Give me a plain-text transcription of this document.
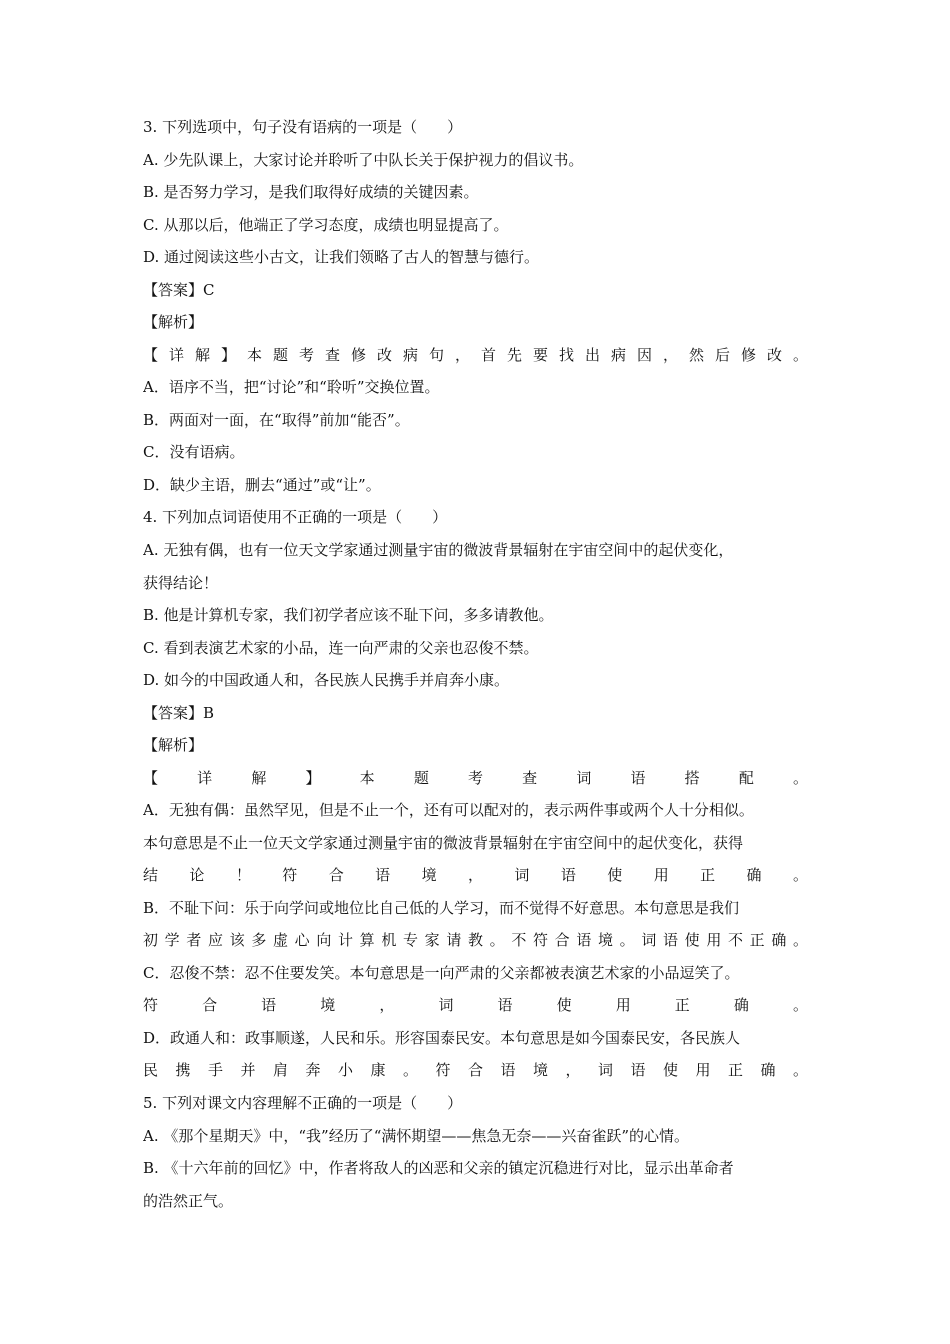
3. 下列选项中，句子没有语病的一项是（　　）
A. 少先队课上，大家讨论并聆听了中队长关于保护视力的倡议书。
B. 是否努力学习，是我们取得好成绩的关键因素。
C. 从那以后，他端正了学习态度，成绩也明显提高了。
D. 通过阅读这些小古文，让我们领略了古人的智慧与德行。
【答案】C
【解析】
【详解】本题考查修改病句，首先要找出病因，然后修改。
A．语序不当，把“讨论”和“聆听”交换位置。
B．两面对一面，在“取得”前加“能否”。
C．没有语病。
D．缺少主语，删去“通过”或“让”。
4. 下列加点词语使用不正确的一项是（　　）
A. 无独有偶，也有一位天文学家通过测量宇宙的微波背景辐射在宇宙空间中的起伏变化，
获得结论！
B. 他是计算机专家，我们初学者应该不耻下问，多多请教他。
C. 看到表演艺术家的小品，连一向严肃的父亲也忍俊不禁。
D. 如今的中国政通人和，各民族人民携手并肩奔小康。
【答案】B
【解析】
【详解】本题考查词语搭配。
A．无独有偶：虽然罕见，但是不止一个，还有可以配对的，表示两件事或两个人十分相似。
本句意思是不止一位天文学家通过测量宇宙的微波背景辐射在宇宙空间中的起伏变化，获得
结论！符合语境，词语使用正确。
B．不耻下问：乐于向学问或地位比自己低的人学习，而不觉得不好意思。本句意思是我们
初学者应该多虚心向计算机专家请教。不符合语境。词语使用不正确。
C．忍俊不禁：忍不住要发笑。本句意思是一向严肃的父亲都被表演艺术家的小品逗笑了。
符合语境，词语使用正确。
D．政通人和：政事顺遂，人民和乐。形容国泰民安。本句意思是如今国泰民安，各民族人
民携手并肩奔小康。符合语境，词语使用正确。
5. 下列对课文内容理解不正确的一项是（　　）
A. 《那个星期天》中，“我”经历了“满怀期望——焦急无奈——兴奋雀跃”的心情。
B. 《十六年前的回忆》中，作者将敌人的凶恶和父亲的镇定沉稳进行对比，显示出革命者
的浩然正气。
